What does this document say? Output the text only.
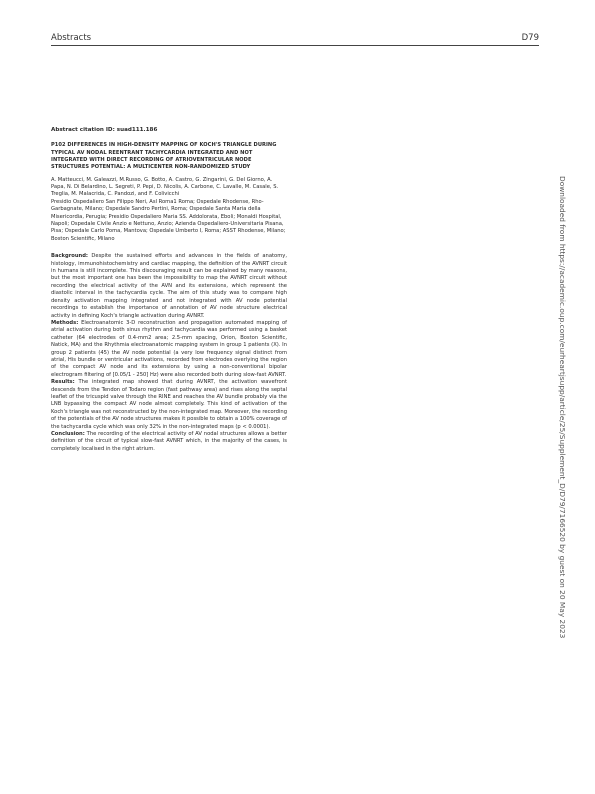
Abstracts	D79

Abstract citation ID: suad111.186

P102 DIFFERENCES IN HIGH-DENSITY MAPPING OF KOCH'S TRIANGLE DURING TYPICAL AV NODAL REENTRANT TACHYCARDIA INTEGRATED AND NOT INTEGRATED WITH DIRECT RECORDING OF ATRIOVENTRICULAR NODE STRUCTURES POTENTIAL: A MULTICENTER NON-RANDOMIZED STUDY

A. Matteucci, M. Galeazzi, M.Russo, G. Botto, A. Castro, G. Zingarini, G. Del Giorno, A. Papa, N. Di Belardino, L. Segreti, P. Pepi, D. Nicolis, A. Carbone, C. Lavalle, M. Casale, S. Treglia, M. Malacrida, C. Pandozi, and F. Colivicchi
Presidio Ospedaliero San Filippo Neri, Asl Roma1 Roma; Ospedale Rhodense, Rho-Garbagnate, Milano; Ospedale Sandro Pertini, Roma; Ospedale Santa Maria della Misericordia, Perugia; Presidio Ospedaliero Maria SS. Addolorata, Eboli; Monaldi Hospital, Napoli; Ospedale Civile Anzio e Nettuno, Anzio; Azienda Ospedaliero-Universitaria Pisana, Pisa; Ospedale Carlo Poma, Mantova; Ospedale Umberto I, Roma; ASST Rhodense, Milano; Boston Scientific, Milano

Background: Despite the sustained efforts and advances in the fields of anatomy, histology, immunohistochemistry and cardiac mapping, the definition of the AVNRT circuit in humans is still incomplete. This discouraging result can be explained by many reasons, but the most important one has been the impossibility to map the AVNRT circuit without recording the electrical activity of the AVN and its extensions, which represent the diastolic interval in the tachycardia cycle. The aim of this study was to compare high density activation mapping integrated and not integrated with AV node potential recordings to establish the importance of annotation of AV node structure electrical activity in defining Koch's triangle activation during AVNRT.

Methods: Electroanatomic 3-D reconstruction and propagation automated mapping of atrial activation during both sinus rhythm and tachycardia was performed using a basket catheter (64 electrodes of 0.4-mm2 area; 2.5-mm spacing, Orion, Boston Scientific, Natick, MA) and the Rhythmia electroanatomic mapping system in group 1 patients (X). In group 2 patients (45) the AV node potential (a very low frequency signal distinct from atrial, His bundle or ventricular activations, recorded from electrodes overlying the region of the compact AV node and its extensions by using a non-conventional bipolar electrogram filtering of [0.05/1 - 250] Hz) were also recorded both during slow-fast AVNRT.

Results: The integrated map showed that during AVNRT, the activation wavefront descends from the Tendon of Todaro region (fast pathway area) and rises along the septal leaflet of the tricuspid valve through the RINE and reaches the AV bundle probably via the LNB bypassing the compact AV node almost completely. This kind of activation of the Koch's triangle was not reconstructed by the non-integrated map. Moreover, the recording of the potentials of the AV node structures makes it possible to obtain a 100% coverage of the tachycardia cycle which was only 32% in the non-integrated maps (p < 0.0001).

Conclusion: The recording of the electrical activity of AV nodal structures allows a better definition of the circuit of typical slow-fast AVNRT which, in the majority of the cases, is completely localised in the right atrium.	Downloaded from https://academic.oup.com/eurheartjsupp/article/25/Supplement_D/D79/7166520 by guest on 20 May 2023
